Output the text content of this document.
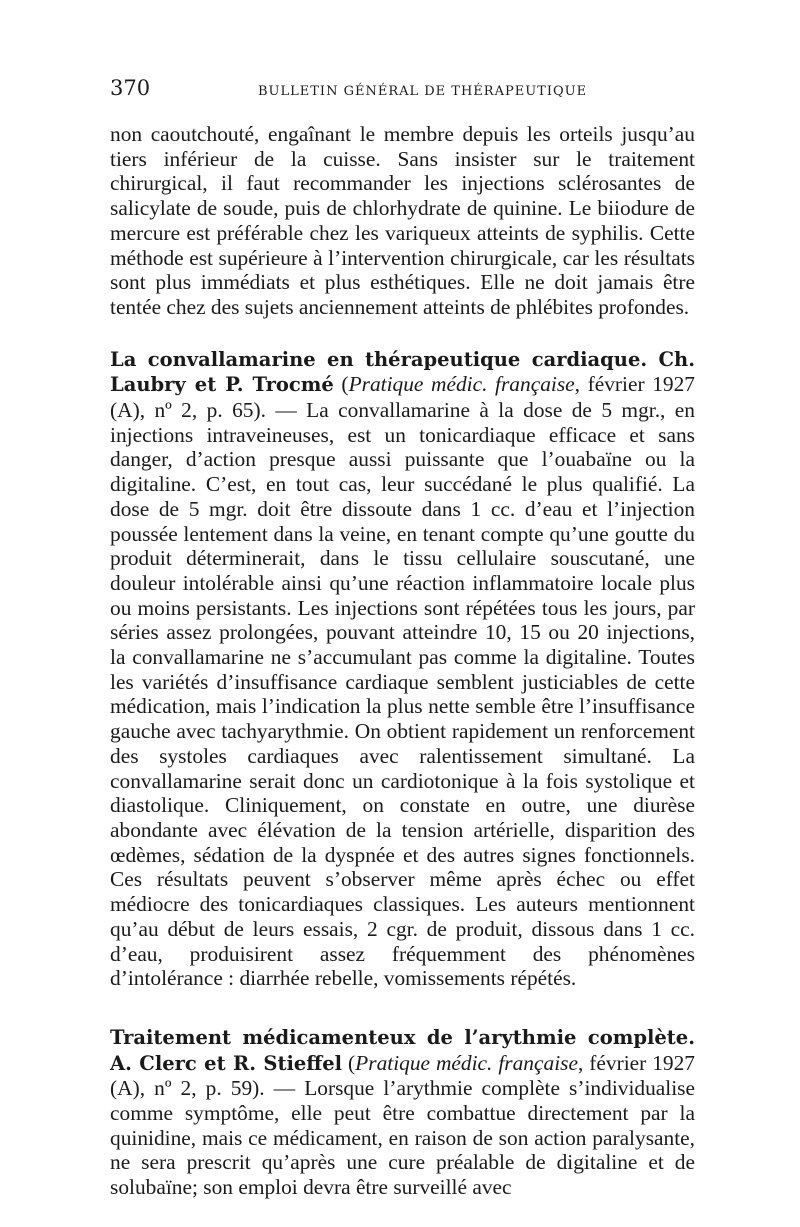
370	BULLETIN GÉNÉRAL DE THÉRAPEUTIQUE

non caoutchouté, engaînant le membre depuis les orteils jusqu’au tiers inférieur de la cuisse. Sans insister sur le traitement chirurgical, il faut recommander les injections sclérosantes de salicylate de soude, puis de chlorhydrate de quinine. Le biiodure de mercure est préférable chez les variqueux atteints de syphilis. Cette méthode est supérieure à l’intervention chirurgicale, car les résultats sont plus immédiats et plus esthétiques. Elle ne doit jamais être tentée chez des sujets anciennement atteints de phlébites profondes.

La convallamarine en thérapeutique cardiaque. Ch. Laubry et P. Trocmé (Pratique médic. française, février 1927 (A), nº 2, p. 65). — La convallamarine à la dose de 5 mgr., en injections intraveineuses, est un tonicardiaque efficace et sans danger, d’action presque aussi puissante que l’ouabaïne ou la digitaline. C’est, en tout cas, leur succédané le plus qualifié. La dose de 5 mgr. doit être dissoute dans 1 cc. d’eau et l’injection poussée lentement dans la veine, en tenant compte qu’une goutte du produit déterminerait, dans le tissu cellulaire souscutané, une douleur intolérable ainsi qu’une réaction inflammatoire locale plus ou moins persistants. Les injections sont répétées tous les jours, par séries assez prolongées, pouvant atteindre 10, 15 ou 20 injections, la convallamarine ne s’accumulant pas comme la digitaline. Toutes les variétés d’insuffisance cardiaque semblent justiciables de cette médication, mais l’indication la plus nette semble être l’insuffisance gauche avec tachyarythmie. On obtient rapidement un renforcement des systoles cardiaques avec ralentissement simultané. La convallamarine serait donc un cardiotonique à la fois systolique et diastolique. Cliniquement, on constate en outre, une diurèse abondante avec élévation de la tension artérielle, disparition des œdèmes, sédation de la dyspnée et des autres signes fonctionnels. Ces résultats peuvent s’observer même après échec ou effet médiocre des tonicardiaques classiques. Les auteurs mentionnent qu’au début de leurs essais, 2 cgr. de produit, dissous dans 1 cc. d’eau, produisirent assez fréquemment des phénomènes d’intolérance : diarrhée rebelle, vomissements répétés.

Traitement médicamenteux de l’arythmie complète. A. Clerc et R. Stieffel (Pratique médic. française, février 1927 (A), nº 2, p. 59). — Lorsque l’arythmie complète s’individualise comme symptôme, elle peut être combattue directement par la quinidine, mais ce médicament, en raison de son action paralysante, ne sera prescrit qu’après une cure préalable de digitaline et de solubaïne; son emploi devra être surveillé avec
